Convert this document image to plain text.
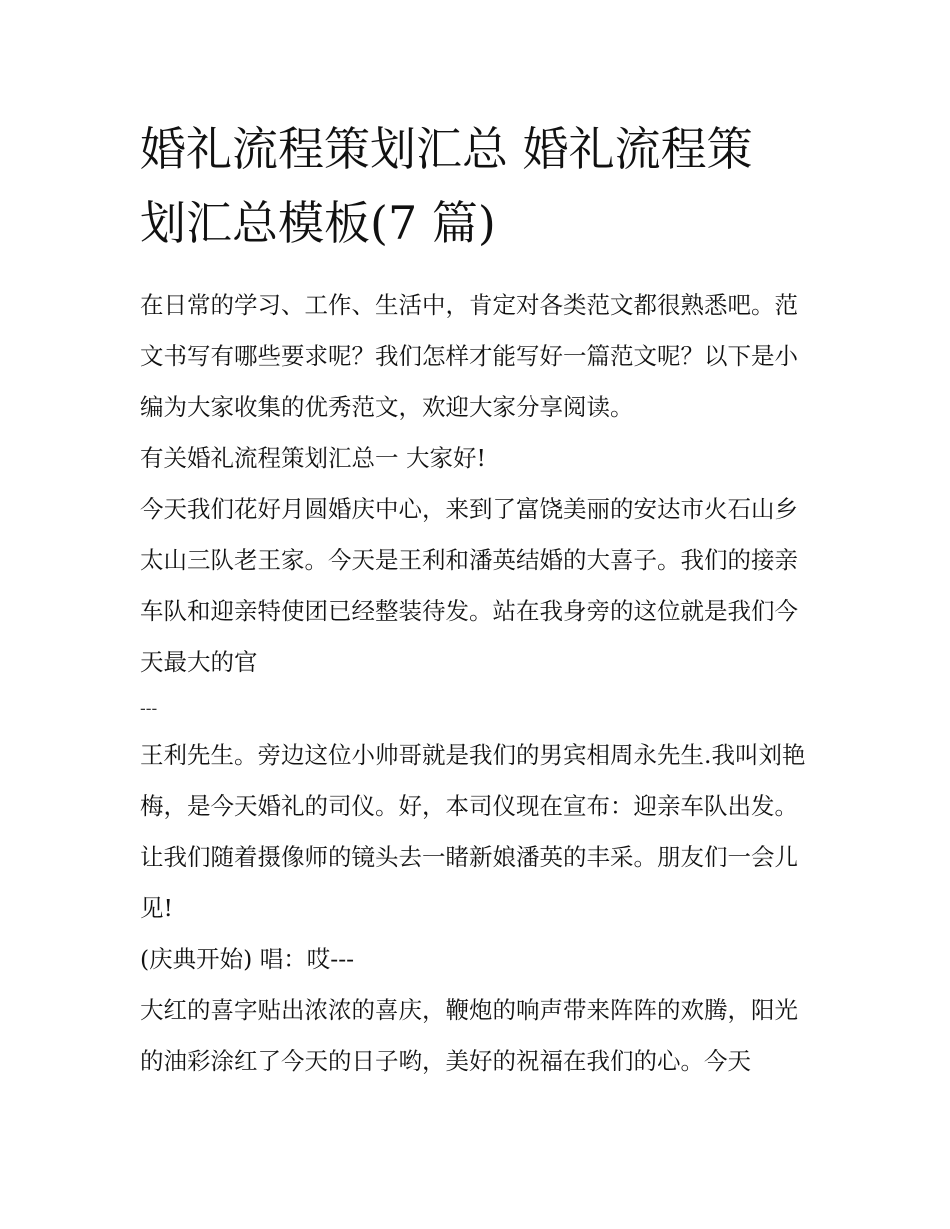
婚礼流程策划汇总 婚礼流程策
划汇总模板(7 篇)

在日常的学习、工作、生活中，肯定对各类范文都很熟悉吧。范文书写有哪些要求呢？我们怎样才能写好一篇范文呢？以下是小编为大家收集的优秀范文，欢迎大家分享阅读。

有关婚礼流程策划汇总一 大家好!

今天我们花好月圆婚庆中心，来到了富饶美丽的安达市火石山乡太山三队老王家。今天是王利和潘英结婚的大喜子。我们的接亲车队和迎亲特使团已经整装待发。站在我身旁的这位就是我们今天最大的官

---

王利先生。旁边这位小帅哥就是我们的男宾相周永先生.我叫刘艳梅，是今天婚礼的司仪。好，本司仪现在宣布：迎亲车队出发。让我们随着摄像师的镜头去一睹新娘潘英的丰采。朋友们一会儿见!

(庆典开始) 唱：哎---

大红的喜字贴出浓浓的喜庆，鞭炮的响声带来阵阵的欢腾，阳光的油彩涂红了今天的日子哟，美好的祝福在我们的心。今天
